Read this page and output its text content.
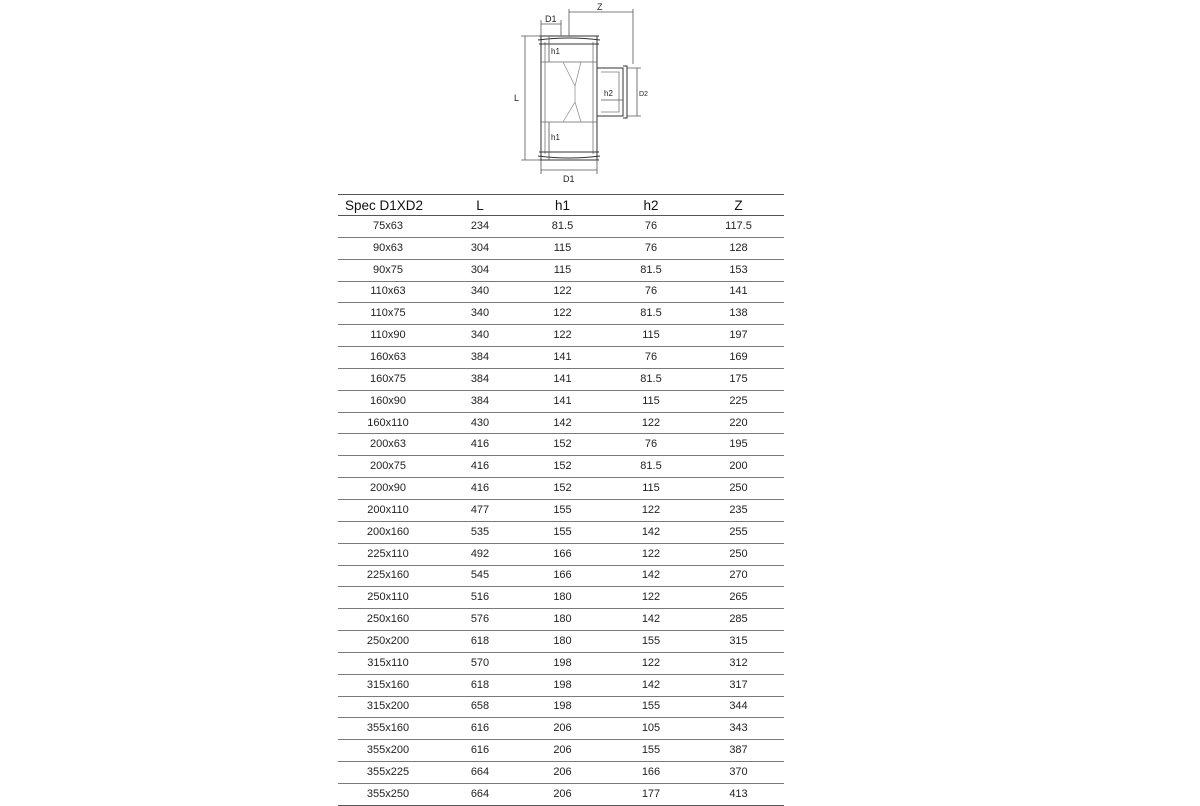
Z
D1
L
h1
h2	D2
h1
D1
Spec D1XD2	L	h1	h2	Z
75x63	234	81.5	76	117.5
90x63	304	115	76	128
90x75	304	115	81.5	153
110x63	340	122	76	141
110x75	340	122	81.5	138
110x90	340	122	115	197
160x63	384	141	76	169
160x75	384	141	81.5	175
160x90	384	141	115	225
160x110	430	142	122	220
200x63	416	152	76	195
200x75	416	152	81.5	200
200x90	416	152	115	250
200x110	477	155	122	235
200x160	535	155	142	255
225x110	492	166	122	250
225x160	545	166	142	270
250x110	516	180	122	265
250x160	576	180	142	285
250x200	618	180	155	315
315x110	570	198	122	312
315x160	618	198	142	317
315x200	658	198	155	344
355x160	616	206	105	343
355x200	616	206	155	387
355x225	664	206	166	370
355x250	664	206	177	413
